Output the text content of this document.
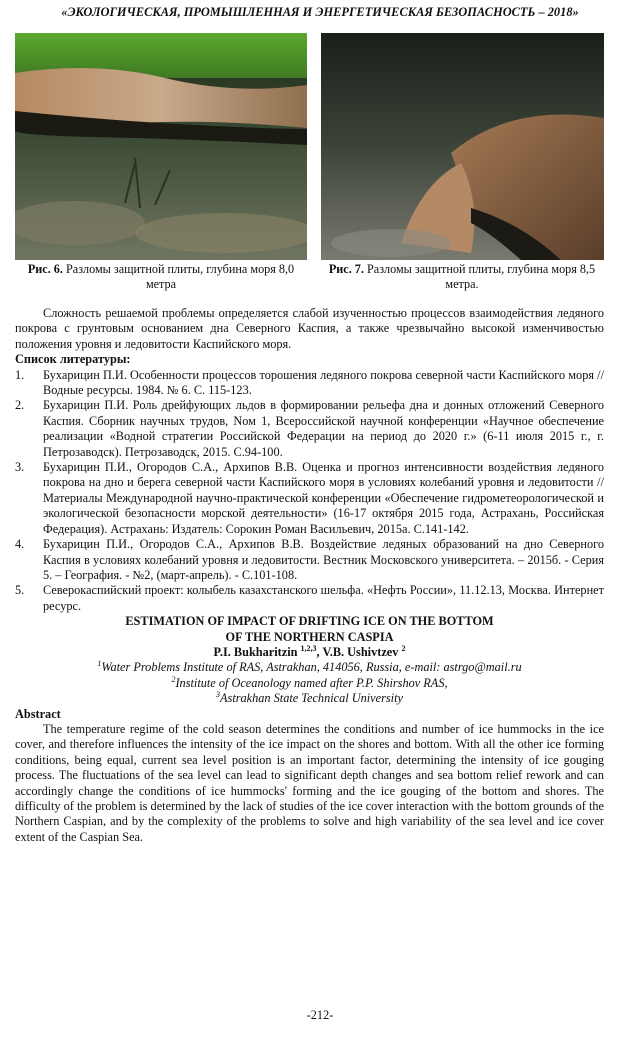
«ЭКОЛОГИЧЕСКАЯ, ПРОМЫШЛЕННАЯ И ЭНЕРГЕТИЧЕСКАЯ БЕЗОПАСНОСТЬ – 2018»
Рис. 6. Разломы защитной плиты, глубина моря 8,0 метра
Рис. 7. Разломы защитной плиты, глубина моря 8,5 метра.
Сложность решаемой проблемы определяется слабой изученностью процессов взаимодействия ледяного покрова с грунтовым основанием дна Северного Каспия, а также чрезвычайно высокой изменчивостью положения уровня и ледовитости Каспийского моря.
Список литературы:
1. Бухарицин П.И. Особенности процессов торошения ледяного покрова северной части Каспийского моря // Водные ресурсы. 1984. № 6. С. 115-123.
2. Бухарицин П.И. Роль дрейфующих льдов в формировании рельефа дна и донных отложений Северного Каспия. Сборник научных трудов, Nом 1, Всероссийской научной конференции «Научное обеспечение реализации «Водной стратегии Российской Федерации на период до 2020 г.» (6-11 июля 2015 г., г. Петрозаводск). Петрозаводск, 2015. С.94-100.
3. Бухарицин П.И., Огородов С.А., Архипов В.В. Оценка и прогноз интенсивности воздействия ледяного покрова на дно и берега северной части Каспийского моря в условиях колебаний уровня и ледовитости // Материалы Международной научно-практической конференции «Обеспечение гидрометеорологической и экологической безопасности морской деятельности» (16-17 октября 2015 года, Астрахань, Российская Федерация). Астрахань: Издатель: Сорокин Роман Васильевич, 2015а. С.141-142.
4. Бухарицин П.И., Огородов С.А., Архипов В.В. Воздействие ледяных образований на дно Северного Каспия в условиях колебаний уровня и ледовитости. Вестник Московского университета. – 2015б. - Серия 5. – География. - №2, (март-апрель). - С.101-108.
5. Северокаспийский проект: колыбель казахстанского шельфа. «Нефть России», 11.12.13, Москва. Интернет ресурс.
ESTIMATION OF IMPACT OF DRIFTING ICE ON THE BOTTOM
OF THE NORTHERN CASPIA
P.I. Bukharitzin $^{1,2,3}$, V.B. Ushivtzev $^2$
$^1$Water Problems Institute of RAS, Astrakhan, 414056, Russia, e-mail: astrgo@mail.ru
$^2$Institute of Oceanology named after P.P. Shirshov RAS,
$^3$Astrakhan State Technical University
Abstract
The temperature regime of the cold season determines the conditions and number of ice hummocks in the ice cover, and therefore influences the intensity of the ice impact on the shores and bottom. With all the other ice forming conditions, being equal, current sea level position is an important factor, determining the intensity of ice gouging process. The fluctuations of the sea level can lead to significant depth changes and sea bottom relief rework and can accordingly change the conditions of ice hummocks' forming and the ice gouging of the bottom and shores. The difficulty of the problem is determined by the lack of studies of the ice cover interaction with the bottom grounds of the Northern Caspian, and by the complexity of the problems to solve and high variability of the sea level and ice cover extent of the Caspian Sea.
-212-
